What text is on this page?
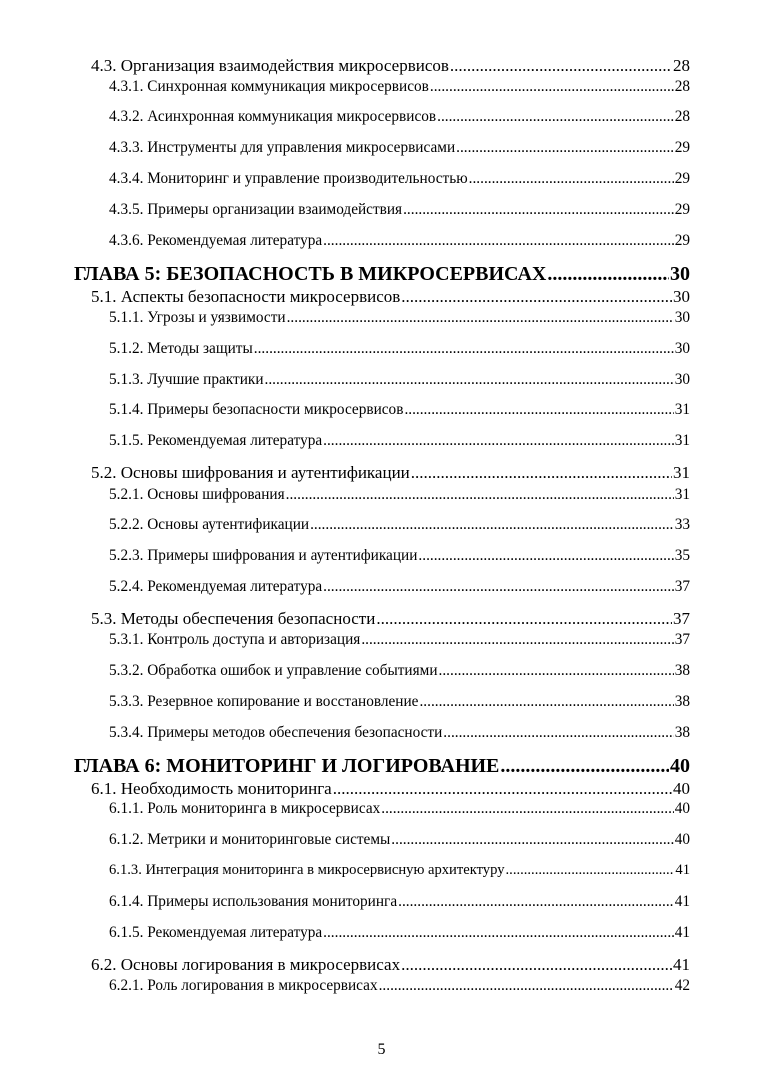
4.3. Организация взаимодействия микросервисов .....	28
4.3.1. Синхронная коммуникация микросервисов .....	28
4.3.2. Асинхронная коммуникация микросервисов .....	28
4.3.3. Инструменты для управления микросервисами .....	29
4.3.4. Мониторинг и управление производительностью .....	29
4.3.5. Примеры организации взаимодействия .....	29
4.3.6. Рекомендуемая литература .....	29
ГЛАВА 5: БЕЗОПАСНОСТЬ В МИКРОСЕРВИСАХ .....	30
5.1. Аспекты безопасности микросервисов .....	30
5.1.1. Угрозы и уязвимости .....	30
5.1.2. Методы защиты .....	30
5.1.3. Лучшие практики .....	30
5.1.4. Примеры безопасности микросервисов .....	31
5.1.5. Рекомендуемая литература .....	31
5.2. Основы шифрования и аутентификации .....	31
5.2.1. Основы шифрования .....	31
5.2.2. Основы аутентификации .....	33
5.2.3. Примеры шифрования и аутентификации .....	35
5.2.4. Рекомендуемая литература .....	37
5.3. Методы обеспечения безопасности .....	37
5.3.1. Контроль доступа и авторизация .....	37
5.3.2. Обработка ошибок и управление событиями .....	38
5.3.3. Резервное копирование и восстановление .....	38
5.3.4. Примеры методов обеспечения безопасности .....	38
ГЛАВА 6: МОНИТОРИНГ И ЛОГИРОВАНИЕ .....	40
6.1. Необходимость мониторинга .....	40
6.1.1. Роль мониторинга в микросервисах .....	40
6.1.2. Метрики и мониторинговые системы .....	40
6.1.3. Интеграция мониторинга в микросервисную архитектуру .....	41
6.1.4. Примеры использования мониторинга .....	41
6.1.5. Рекомендуемая литература .....	41
6.2. Основы логирования в микросервисах .....	41
6.2.1. Роль логирования в микросервисах .....	42
5
